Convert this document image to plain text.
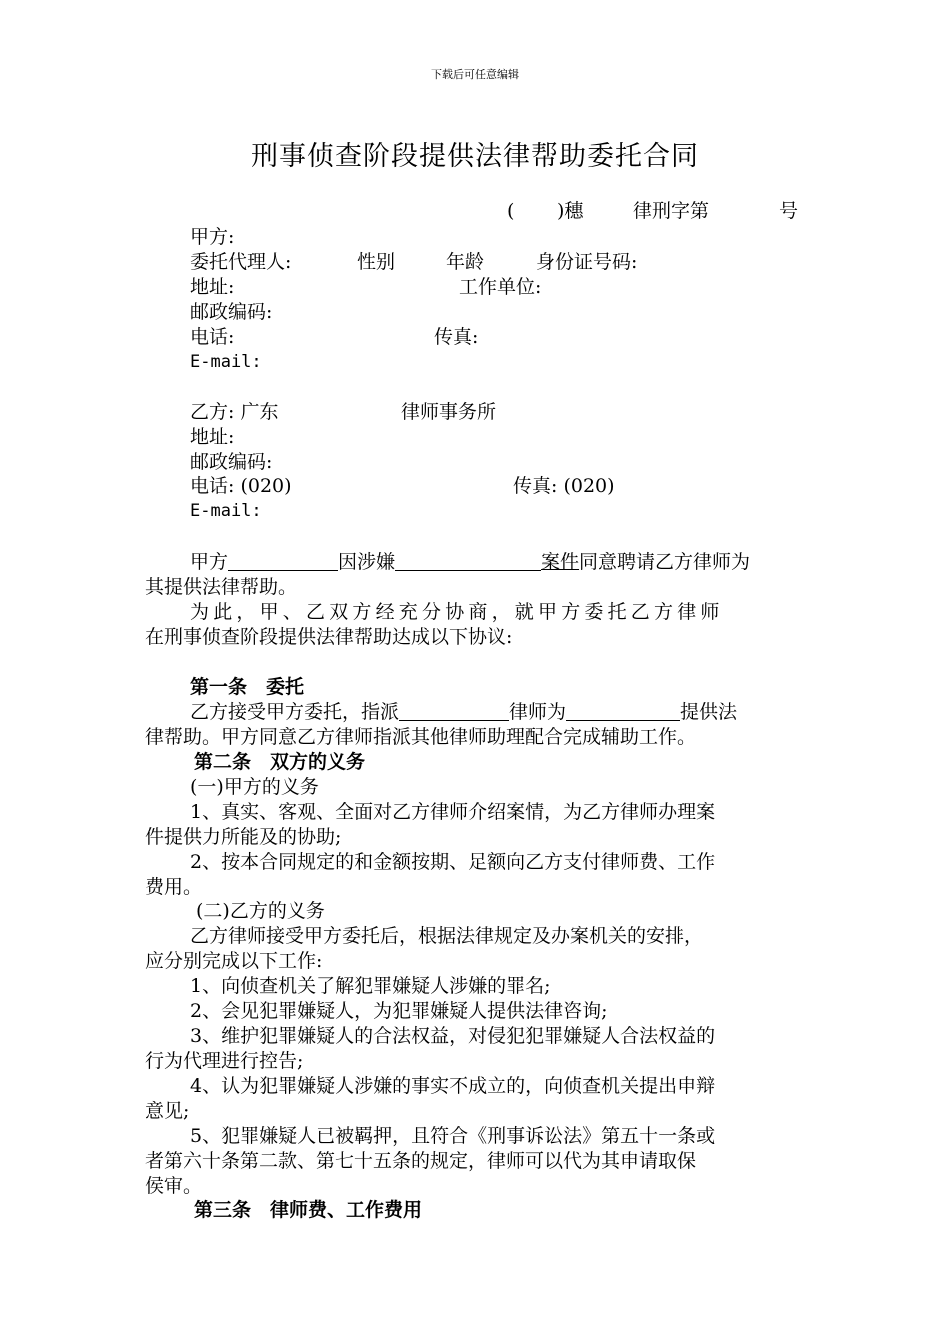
下载后可任意编辑
刑事侦查阶段提供法律帮助委托合同
( )穗	律刑字第	号
甲方:
委托代理人:	性别	年龄	身份证号码:
地址:	工作单位:
邮政编码:
电话:	传真:
E-mail:
乙方: 广东	律师事务所
地址:
邮政编码:
电话: (020)	传真: (020)
E-mail:
甲方	因涉嫌	案件同意聘请乙方律师为
其提供法律帮助。
为此，甲、乙双方经充分协商，就甲方委托乙方律师
在刑事侦查阶段提供法律帮助达成以下协议:
第一条　委托
乙方接受甲方委托，指派	律师为	提供法
律帮助。甲方同意乙方律师指派其他律师助理配合完成辅助工作。
第二条　双方的义务
(一)甲方的义务
1、真实、客观、全面对乙方律师介绍案情，为乙方律师办理案
件提供力所能及的协助;
2、按本合同规定的和金额按期、足额向乙方支付律师费、工作
费用。
(二)乙方的义务
乙方律师接受甲方委托后，根据法律规定及办案机关的安排，
应分别完成以下工作:
1、向侦查机关了解犯罪嫌疑人涉嫌的罪名;
2、会见犯罪嫌疑人，为犯罪嫌疑人提供法律咨询;
3、维护犯罪嫌疑人的合法权益，对侵犯犯罪嫌疑人合法权益的
行为代理进行控告;
4、认为犯罪嫌疑人涉嫌的事实不成立的，向侦查机关提出申辩
意见;
5、犯罪嫌疑人已被羁押，且符合《刑事诉讼法》第五十一条或
者第六十条第二款、第七十五条的规定，律师可以代为其申请取保
侯审。
第三条　律师费、工作费用
